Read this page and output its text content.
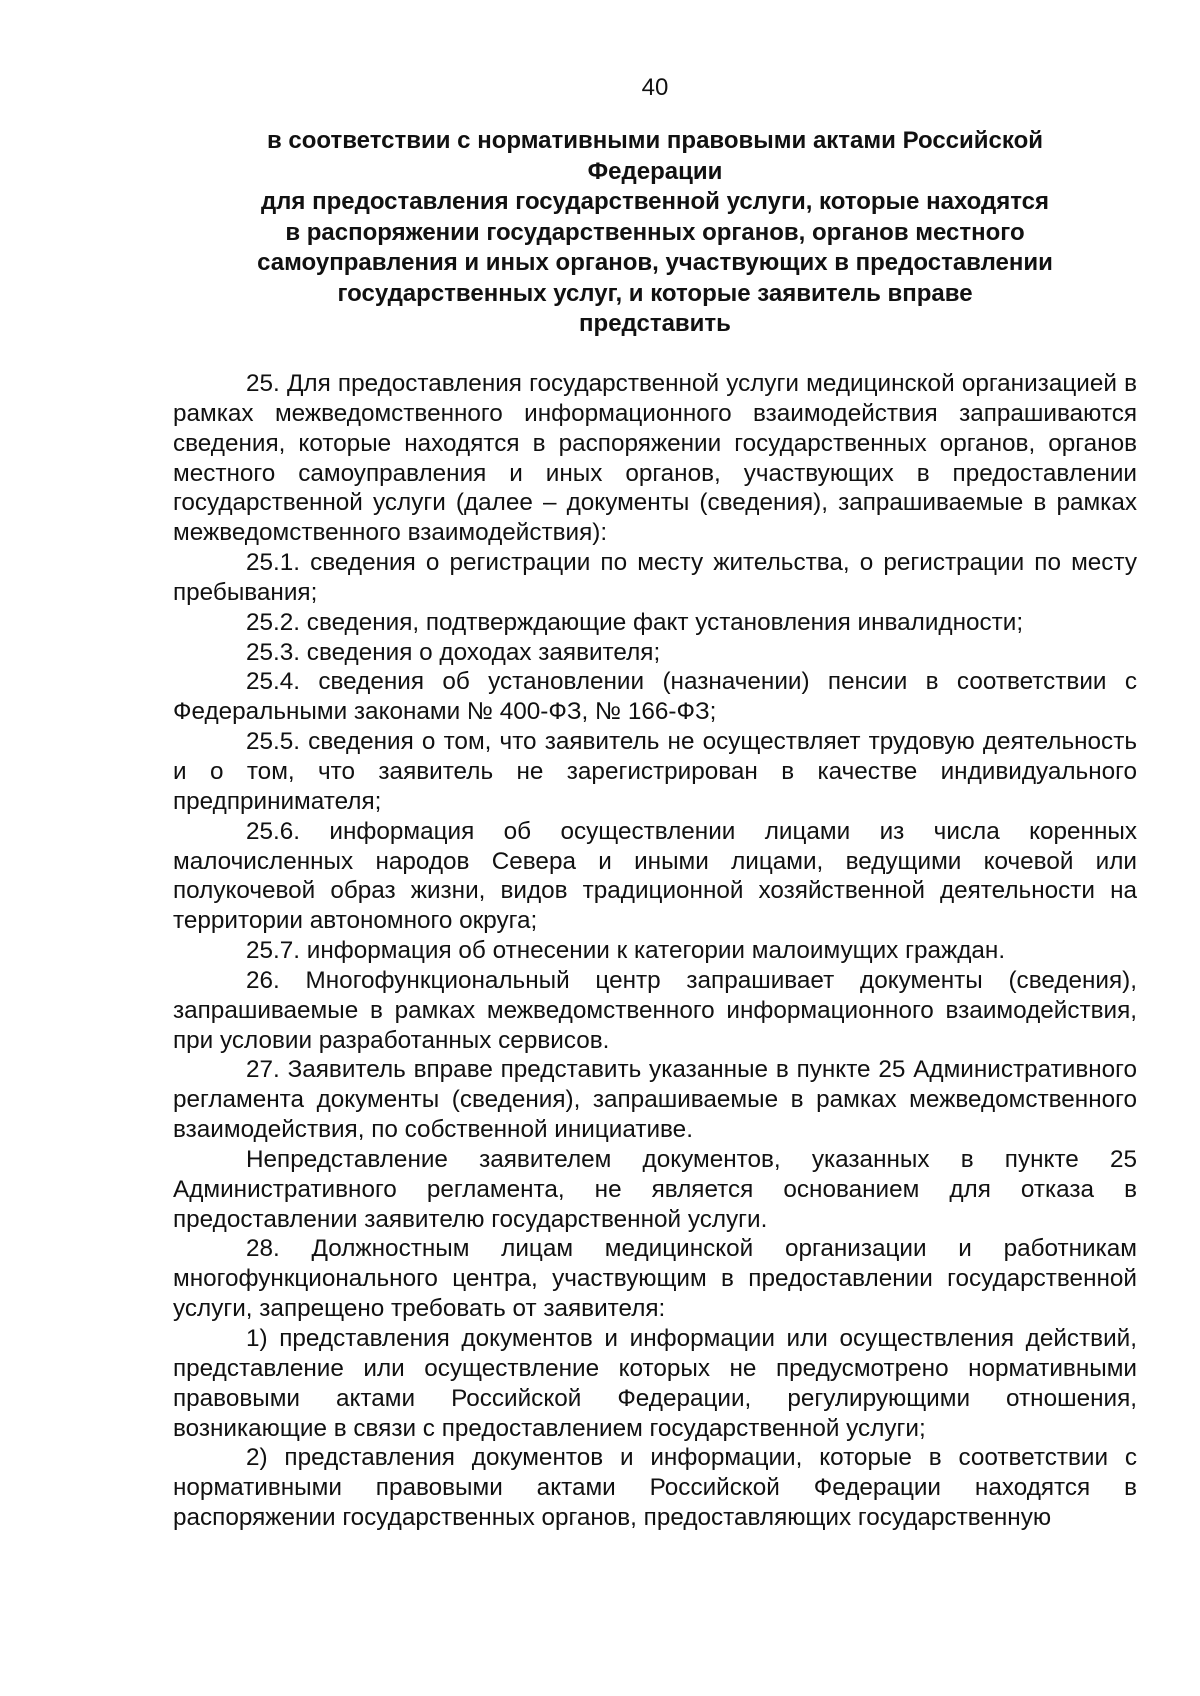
40
в соответствии с нормативными правовыми актами Российской
Федерации
для предоставления государственной услуги, которые находятся
в распоряжении государственных органов, органов местного
самоуправления и иных органов, участвующих в предоставлении
государственных услуг, и которые заявитель вправе
представить

25. Для предоставления государственной услуги медицинской организацией в рамках межведомственного информационного взаимодействия запрашиваются сведения, которые находятся в распоряжении государственных органов, органов местного самоуправления и иных органов, участвующих в предоставлении государственной услуги (далее – документы (сведения), запрашиваемые в рамках межведомственного взаимодействия):

25.1. сведения о регистрации по месту жительства, о регистрации по месту пребывания;

25.2. сведения, подтверждающие факт установления инвалидности;

25.3. сведения о доходах заявителя;

25.4. сведения об установлении (назначении) пенсии в соответствии с Федеральными законами № 400-ФЗ, № 166-ФЗ;

25.5. сведения о том, что заявитель не осуществляет трудовую деятельность и о том, что заявитель не зарегистрирован в качестве индивидуального предпринимателя;

25.6. информация об осуществлении лицами из числа коренных малочисленных народов Севера и иными лицами, ведущими кочевой или полукочевой образ жизни, видов традиционной хозяйственной деятельности на территории автономного округа;

25.7. информация об отнесении к категории малоимущих граждан.

26. Многофункциональный центр запрашивает документы (сведения), запрашиваемые в рамках межведомственного информационного взаимодействия, при условии разработанных сервисов.

27. Заявитель вправе представить указанные в пункте 25 Административного регламента документы (сведения), запрашиваемые в рамках межведомственного взаимодействия, по собственной инициативе.

Непредставление заявителем документов, указанных в пункте 25 Административного регламента, не является основанием для отказа в предоставлении заявителю государственной услуги.

28. Должностным лицам медицинской организации и работникам многофункционального центра, участвующим в предоставлении государственной услуги, запрещено требовать от заявителя:

1) представления документов и информации или осуществления действий, представление или осуществление которых не предусмотрено нормативными правовыми актами Российской Федерации, регулирующими отношения, возникающие в связи с предоставлением государственной услуги;

2) представления документов и информации, которые в соответствии с нормативными правовыми актами Российской Федерации находятся в распоряжении государственных органов, предоставляющих государственную
